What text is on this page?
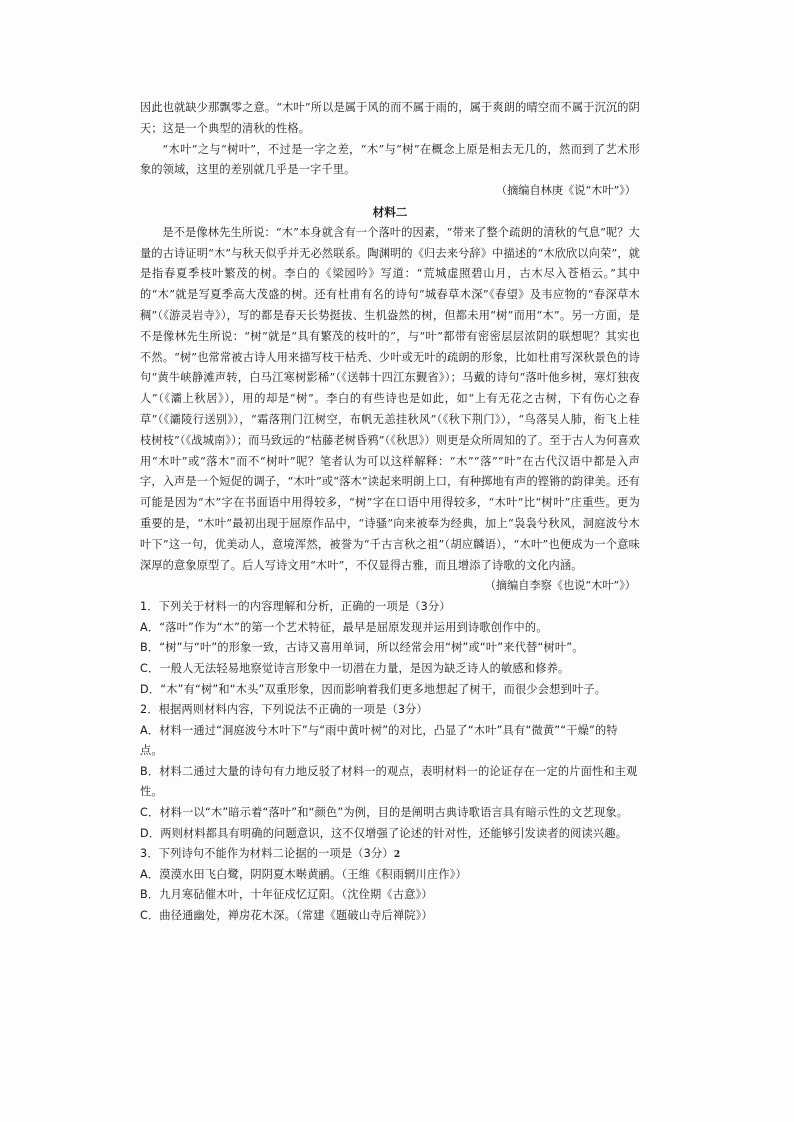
因此也就缺少那飘零之意。“木叶”所以是属于风的而不属于雨的，属于爽朗的晴空而不属于沉沉的阴天；这是一个典型的清秋的性格。

“木叶”之与“树叶”，不过是一字之差，“木”与“树”在概念上原是相去无几的，然而到了艺术形象的领域，这里的差别就几乎是一字千里。

（摘编自林庚《说“木叶”》）

材料二

是不是像林先生所说：“木”本身就含有一个落叶的因素，“带来了整个疏朗的清秋的气息”呢？大量的古诗证明“木”与秋天似乎并无必然联系。陶渊明的《归去来兮辞》中描述的“木欣欣以向荣”，就是指春夏季枝叶繁茂的树。李白的《梁园吟》写道：“荒城虚照碧山月，古木尽入苍梧云。”其中的“木”就是写夏季高大茂盛的树。还有杜甫有名的诗句“城春草木深”《春望》及韦应物的“春深草木稠”（《游灵岩寺》），写的都是春天长势挺拔、生机盎然的树，但都未用“树”而用“木”。另一方面，是不是像林先生所说：“树”就是“具有繁茂的枝叶的”，与“叶”都带有密密层层浓阴的联想呢？其实也不然。“树”也常常被古诗人用来描写枝干枯秃、少叶或无叶的疏朗的形象，比如杜甫写深秋景色的诗句“黄牛峡静滩声转，白马江寒树影稀”（《送韩十四江东觐省》）；马戴的诗句“落叶他乡树，寒灯独夜人”（《灞上秋居》），用的却是“树”。李白的有些诗也是如此，如“上有无花之古树，下有伤心之春草”（《灞陵行送别》），“霜落荆门江树空，布帆无恙挂秋风”（《秋下荆门》），“鸟落吴人肺，衔飞上桂枝树枝”（《战城南》）；而马致远的“枯藤老树昏鸦”（《秋思》）则更是众所周知的了。至于古人为何喜欢用“木叶”或“落木”而不“树叶”呢？笔者认为可以这样解释：“木”“落”“叶”在古代汉语中都是入声字，入声是一个短促的调子，“木叶”或“落木”读起来明朗上口，有种掷地有声的铿锵的韵律美。还有可能是因为“木”字在书面语中用得较多，“树”字在口语中用得较多，“木叶”比“树叶”庄重些。更为重要的是，“木叶”最初出现于屈原作品中，“诗骚”向来被奉为经典，加上“袅袅兮秋风，洞庭波兮木叶下”这一句，优美动人，意境浑然，被誉为“千古言秋之祖”（胡应麟语），“木叶”也便成为一个意味深厚的意象原型了。后人写诗文用“木叶”，不仅显得古雅，而且增添了诗歌的文化内涵。

（摘编自李察《也说“木叶”》）

1．下列关于材料一的内容理解和分析，正确的一项是（3分）

A．“落叶”作为“木”的第一个艺术特征，最早是屈原发现并运用到诗歌创作中的。

B．“树”与“叶”的形象一致，古诗又喜用单词，所以经常会用“树”或“叶”来代替“树叶”。

C．一般人无法轻易地察觉诗言形象中一切潜在力量，是因为缺乏诗人的敏感和修养。

D．“木”有“树”和“木头”双重形象，因而影响着我们更多地想起了树干，而很少会想到叶子。

2．根据两则材料内容，下列说法不正确的一项是（3分）

A．材料一通过“洞庭波兮木叶下”与“雨中黄叶树”的对比，凸显了“木叶”具有“微黄”“干燥”的特点。

B．材料二通过大量的诗句有力地反驳了材料一的观点，表明材料一的论证存在一定的片面性和主观性。

C．材料一以“木”暗示着“落叶”和“颜色”为例，目的是阐明古典诗歌语言具有暗示性的文艺现象。

D．两则材料都具有明确的问题意识，这不仅增强了论述的针对性，还能够引发读者的阅读兴趣。

3．下列诗句不能作为材料二论据的一项是（3分）

A．漠漠水田飞白鹭，阴阴夏木啭黄鹂。（王维《积雨辋川庄作》）

B．九月寒砧催木叶，十年征戍忆辽阳。（沈佺期《古意》）

C．曲径通幽处，禅房花木深。（常建《题破山寺后禅院》）

2
